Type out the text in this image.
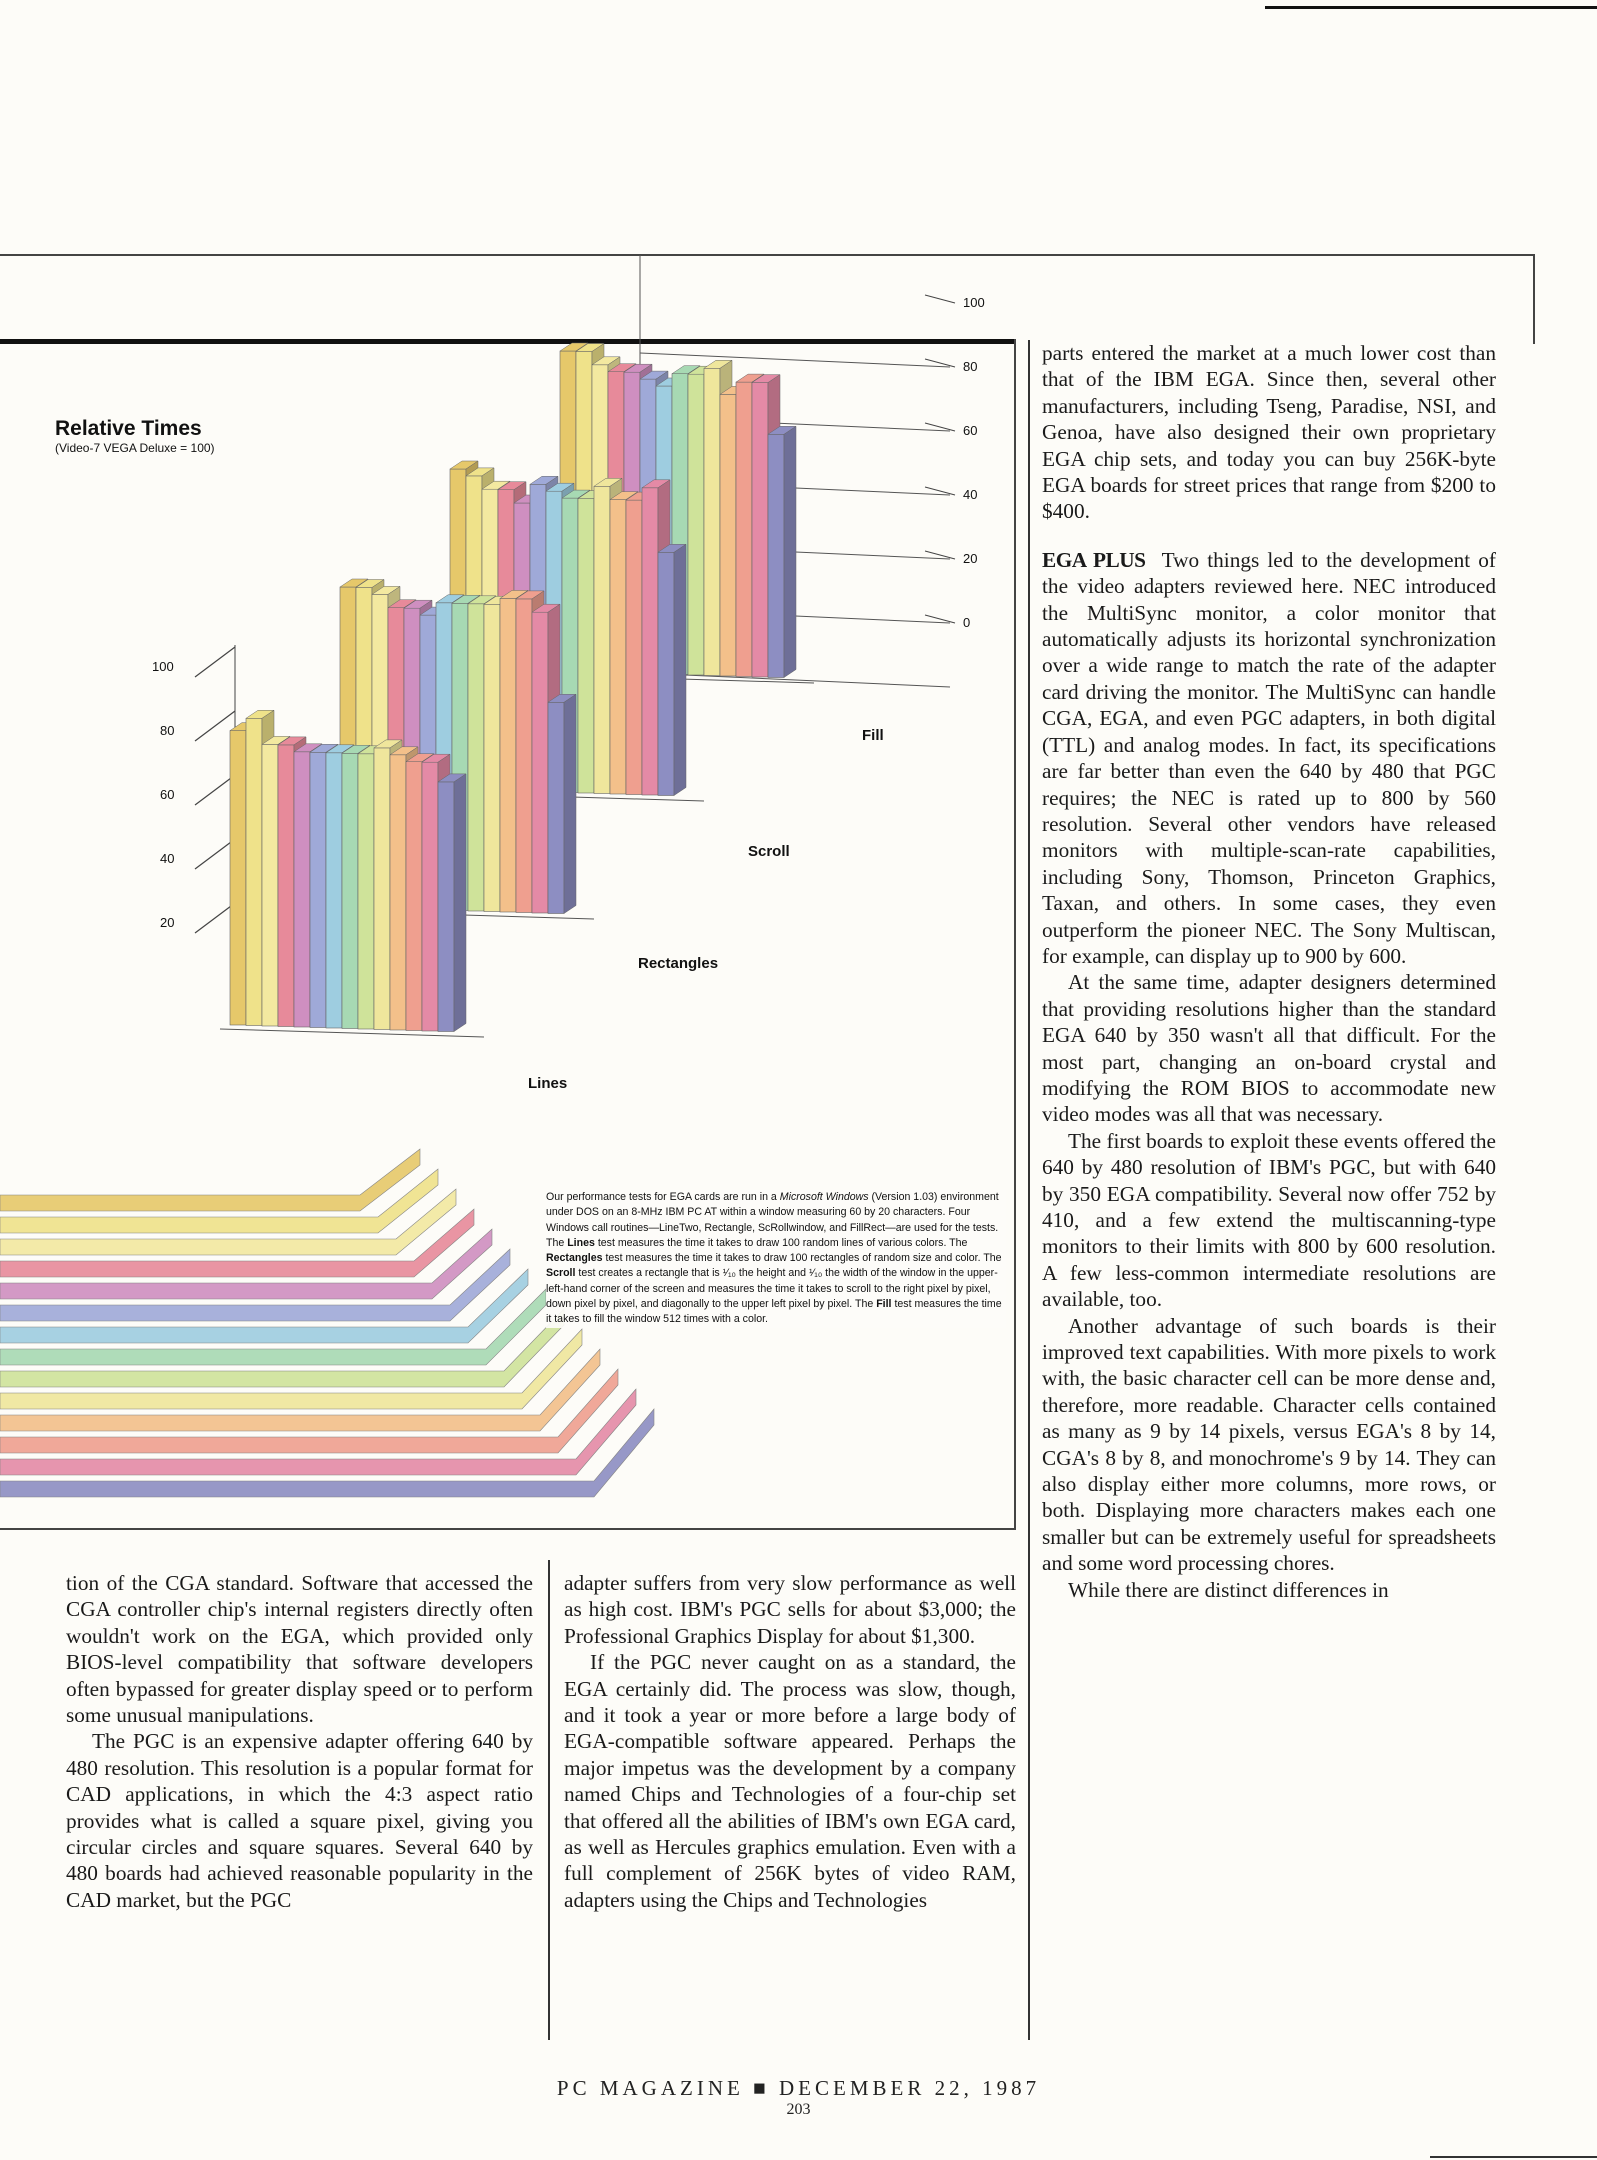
Relative Times
(Video-7 VEGA Deluxe = 100)
100
80
60
40
20
0
100
80
60
40
20
Lines
Rectangles
Scroll
Fill
Our performance tests for EGA cards are run in a Microsoft Windows (Version 1.03) environment under DOS on an 8-MHz IBM PC AT within a window measuring 60 by 20 characters. Four Windows call routines—LineTwo, Rectangle, ScRollwindow, and FillRect—are used for the tests. The Lines test measures the time it takes to draw 100 random lines of various colors. The Rectangles test measures the time it takes to draw 100 rectangles of random size and color. The Scroll test creates a rectangle that is ¹⁄₁₀ the height and ¹⁄₁₀ the width of the window in the upper-left-hand corner of the screen and measures the time it takes to scroll to the right pixel by pixel, down pixel by pixel, and diagonally to the upper left pixel by pixel. The Fill test measures the time it takes to fill the window 512 times with a color.

tion of the CGA standard. Software that accessed the CGA controller chip's internal registers directly often wouldn't work on the EGA, which provided only BIOS-level compatibility that software developers often bypassed for greater display speed or to perform some unusual manipulations.

The PGC is an expensive adapter offering 640 by 480 resolution. This resolution is a popular format for CAD applications, in which the 4:3 aspect ratio provides what is called a square pixel, giving you circular circles and square squares. Several 640 by 480 boards had achieved reasonable popularity in the CAD market, but the PGC

adapter suffers from very slow performance as well as high cost. IBM's PGC sells for about $3,000; the Professional Graphics Display for about $1,300.

If the PGC never caught on as a standard, the EGA certainly did. The process was slow, though, and it took a year or more before a large body of EGA-compatible software appeared. Perhaps the major impetus was the development by a company named Chips and Technologies of a four-chip set that offered all the abilities of IBM's own EGA card, as well as Hercules graphics emulation. Even with a full complement of 256K bytes of video RAM, adapters using the Chips and Technologies

parts entered the market at a much lower cost than that of the IBM EGA. Since then, several other manufacturers, including Tseng, Paradise, NSI, and Genoa, have also designed their own proprietary EGA chip sets, and today you can buy 256K-byte EGA boards for street prices that range from $200 to $400.

EGA PLUS Two things led to the development of the video adapters reviewed here. NEC introduced the MultiSync monitor, a color monitor that automatically adjusts its horizontal synchronization over a wide range to match the rate of the adapter card driving the monitor. The MultiSync can handle CGA, EGA, and even PGC adapters, in both digital (TTL) and analog modes. In fact, its specifications are far better than even the 640 by 480 that PGC requires; the NEC is rated up to 800 by 560 resolution. Several other vendors have released monitors with multiple-scan-rate capabilities, including Sony, Thomson, Princeton Graphics, Taxan, and others. In some cases, they even outperform the pioneer NEC. The Sony Multiscan, for example, can display up to 900 by 600.

At the same time, adapter designers determined that providing resolutions higher than the standard EGA 640 by 350 wasn't all that difficult. For the most part, changing an on-board crystal and modifying the ROM BIOS to accommodate new video modes was all that was necessary.

The first boards to exploit these events offered the 640 by 480 resolution of IBM's PGC, but with 640 by 350 EGA compatibility. Several now offer 752 by 410, and a few extend the multiscanning-type monitors to their limits with 800 by 600 resolution. A few less-common intermediate resolutions are available, too.

Another advantage of such boards is their improved text capabilities. With more pixels to work with, the basic character cell can be more dense and, therefore, more readable. Character cells contained as many as 9 by 14 pixels, versus EGA's 8 by 14, CGA's 8 by 8, and monochrome's 9 by 14. They can also display either more columns, more rows, or both. Displaying more characters makes each one smaller but can be extremely useful for spreadsheets and some word processing chores.

While there are distinct differences in

PC MAGAZINE ■ DECEMBER 22, 1987
203
